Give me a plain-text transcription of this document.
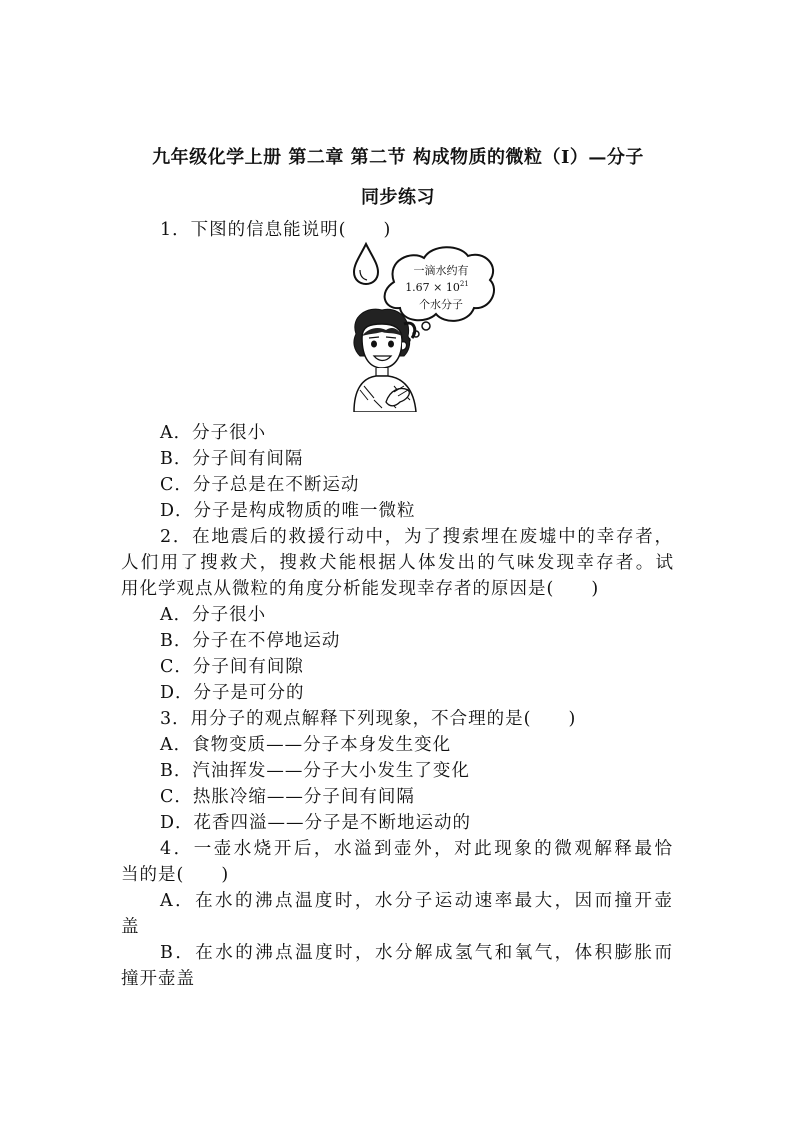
九年级化学上册 第二章 第二节 构成物质的微粒（Ⅰ）—分子
同步练习
1．下图的信息能说明(　　)
一滴水约有
$1.67 \times 10^{21}$
个水分子
A．分子很小
B．分子间有间隔
C．分子总是在不断运动
D．分子是构成物质的唯一微粒
2．在地震后的救援行动中，为了搜索埋在废墟中的幸存者，
人们用了搜救犬，搜救犬能根据人体发出的气味发现幸存者。试
用化学观点从微粒的角度分析能发现幸存者的原因是(　　)
A．分子很小
B．分子在不停地运动
C．分子间有间隙
D．分子是可分的
3．用分子的观点解释下列现象，不合理的是(　　)
A．食物变质——分子本身发生变化
B．汽油挥发——分子大小发生了变化
C．热胀冷缩——分子间有间隔
D．花香四溢——分子是不断地运动的
4．一壶水烧开后，水溢到壶外，对此现象的微观解释最恰
当的是(　　)
A．在水的沸点温度时，水分子运动速率最大，因而撞开壶
盖
B．在水的沸点温度时，水分解成氢气和氧气，体积膨胀而
撞开壶盖
